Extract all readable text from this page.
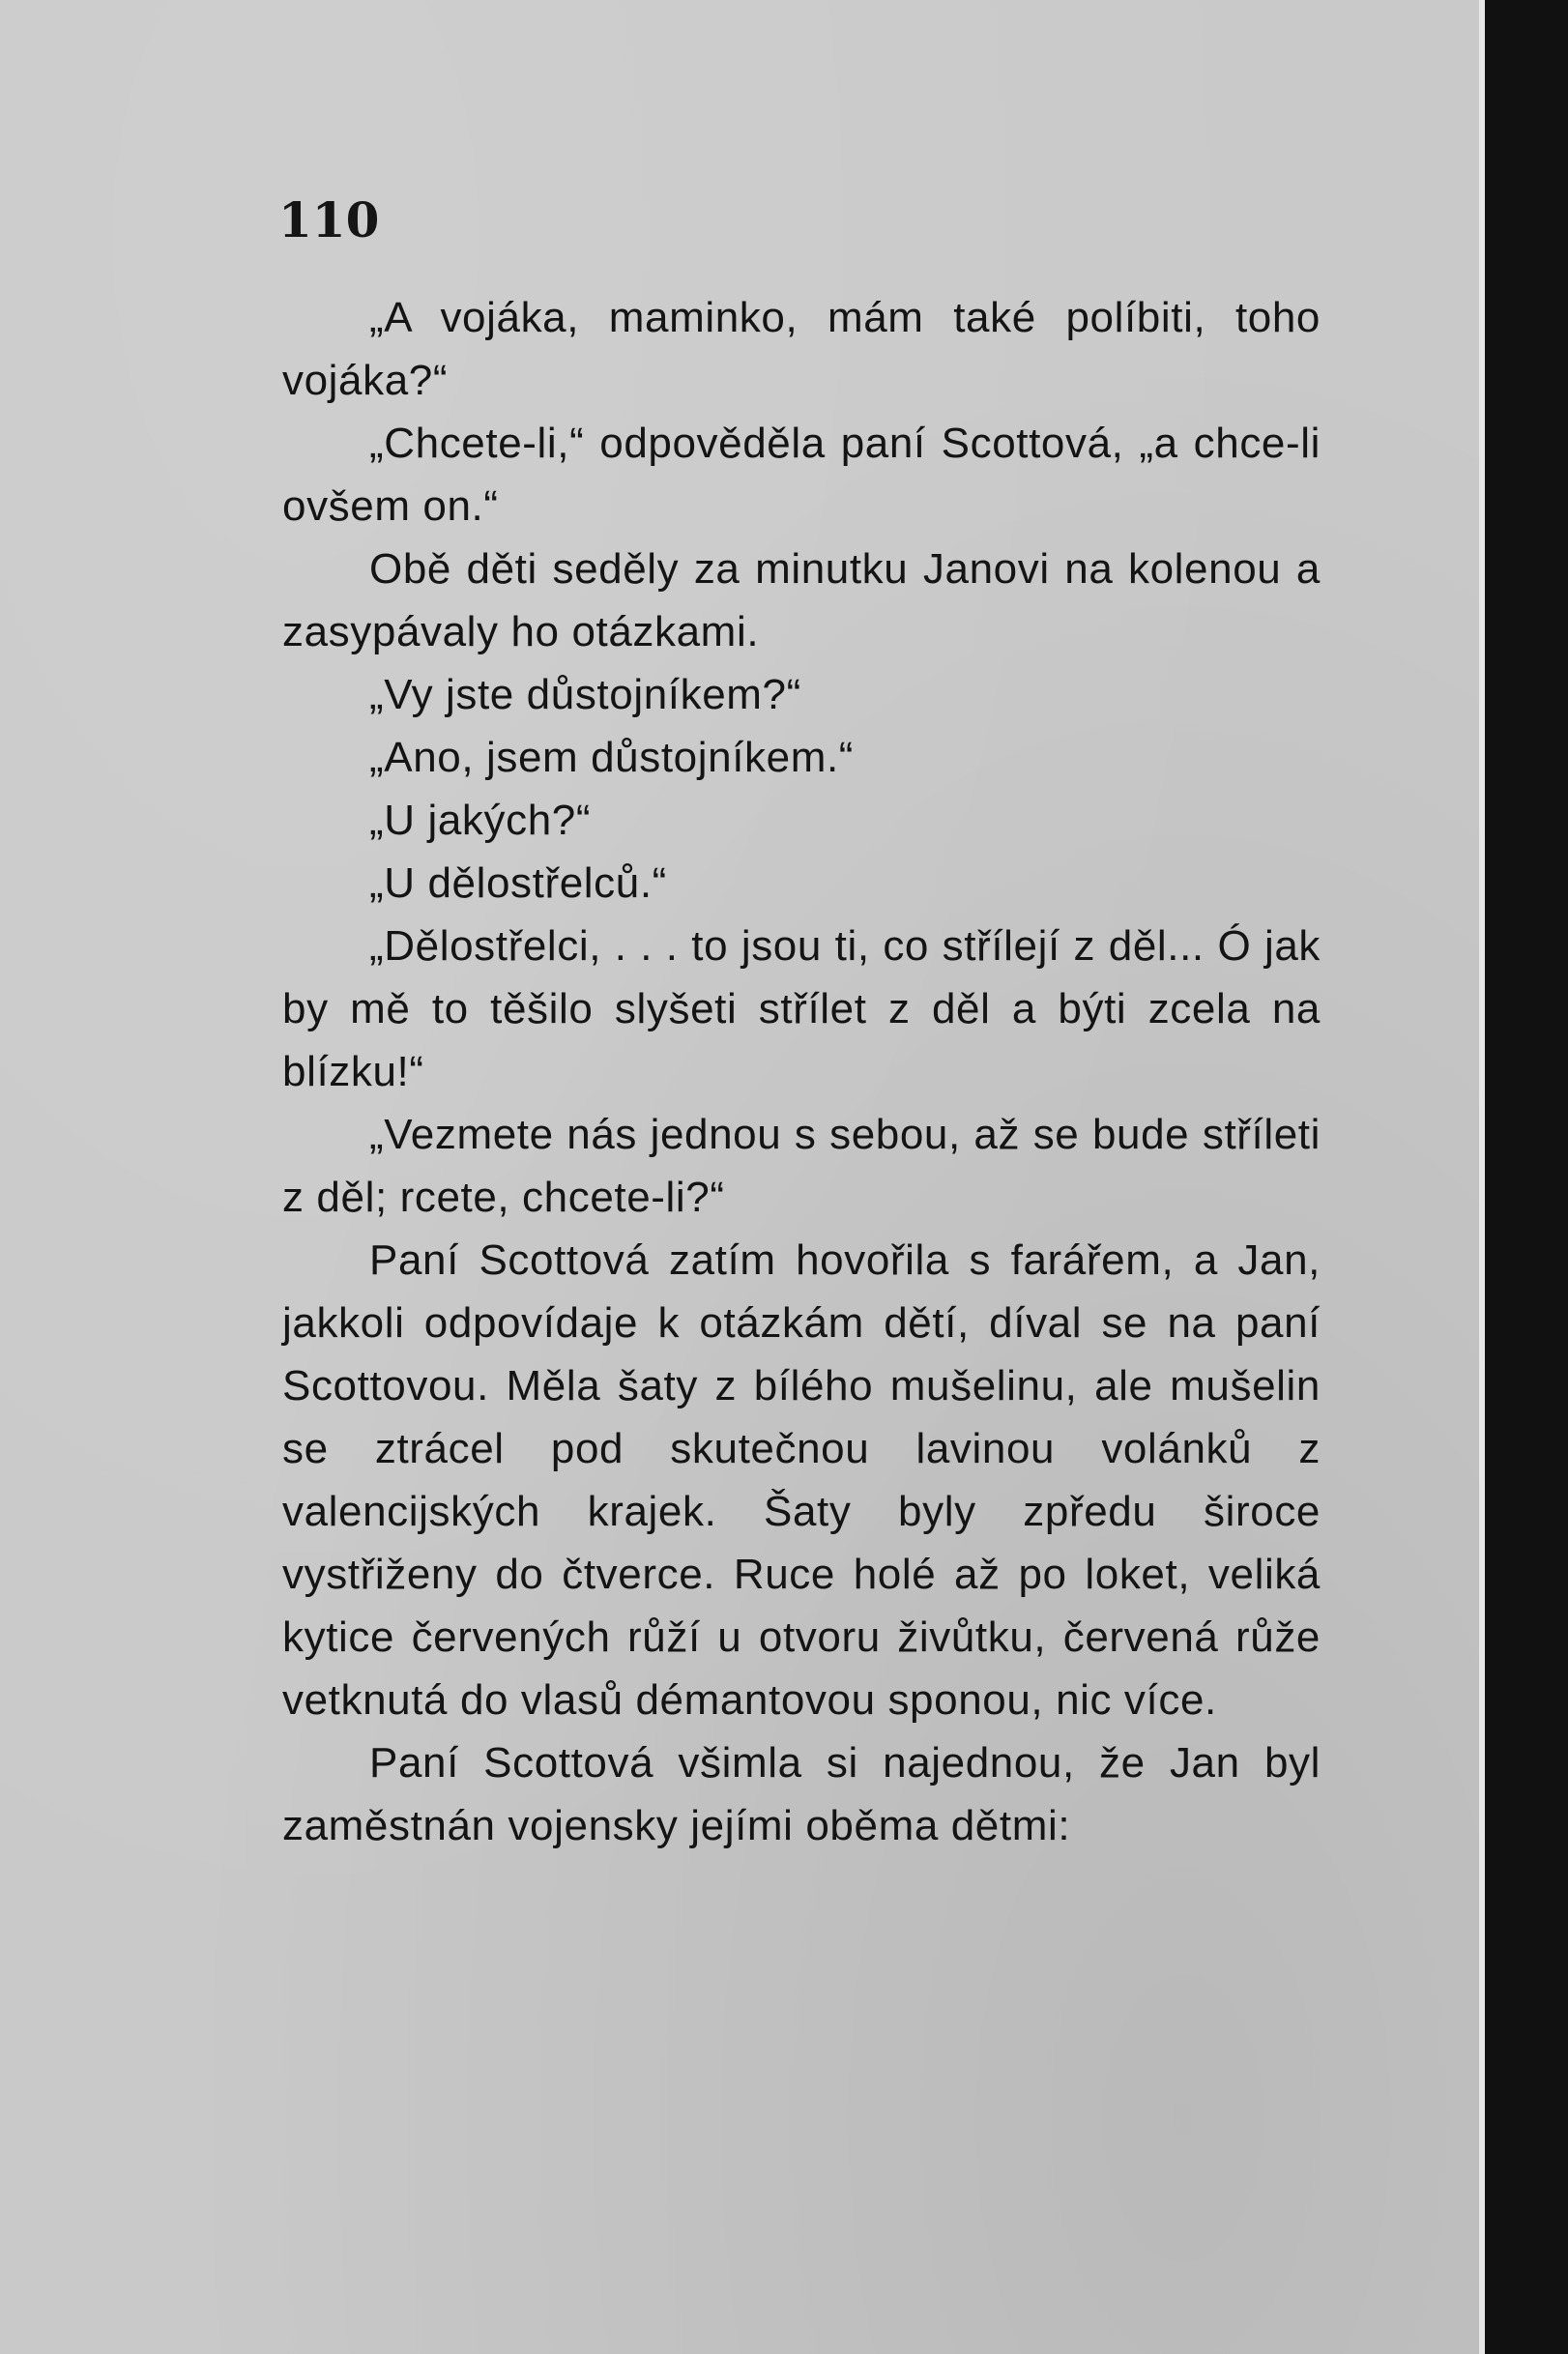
110

„A vojáka, maminko, mám také políbiti, toho vojáka?“

„Chcete-li,“ odpověděla paní Scottová, „a chce-li ovšem on.“

Obě děti seděly za minutku Janovi na kolenou a zasypávaly ho otázkami.

„Vy jste důstojníkem?“

„Ano, jsem důstojníkem.“

„U jakých?“

„U dělostřelců.“

„Dělostřelci, . . . to jsou ti, co střílejí z děl... Ó jak by mě to těšilo slyšeti střílet z děl a býti zcela na blízku!“

„Vezmete nás jednou s sebou, až se bude stříleti z děl; rcete, chcete-li?“

Paní Scottová zatím hovořila s farářem, a Jan, jakkoli odpovídaje k otázkám dětí, díval se na paní Scottovou. Měla šaty z bílého mušelinu, ale mušelin se ztrácel pod skutečnou lavinou volánků z valencijských krajek. Šaty byly zpředu široce vystřiženy do čtverce. Ruce holé až po loket, veliká kytice červených růží u otvoru živůtku, červená růže vetknutá do vlasů démantovou sponou, nic více.

Paní Scottová všimla si najednou, že Jan byl zaměstnán vojensky jejími oběma dětmi:
